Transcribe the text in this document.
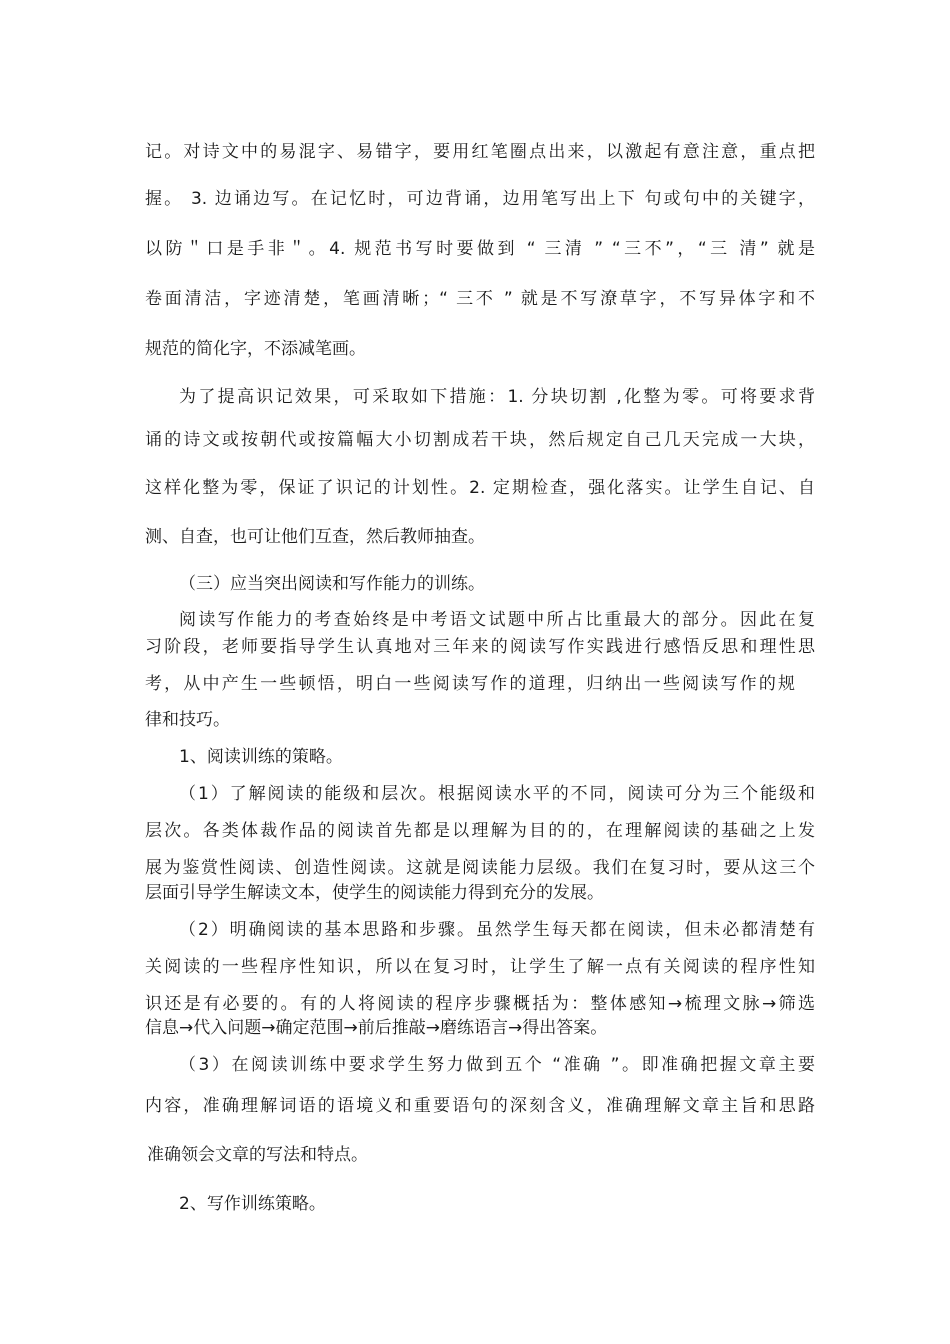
记。对诗文中的易混字、易错字，要用红笔圈点出来，以激起有意注意，重点把
握。 3. 边诵边写。在记忆时，可边背诵，边用笔写出上下 句或句中的关键字，
以防＂口是手非＂。4. 规范书写时要做到 “ 三清 ” “三不”，“三 清” 就是
卷面清洁，字迹清楚，笔画清晰；“ 三不 ” 就是不写潦草字，不写异体字和不
规范的简化字，不添减笔画。
为了提高识记效果，可采取如下措施：1. 分块切割 ,化整为零。可将要求背
诵的诗文或按朝代或按篇幅大小切割成若干块，然后规定自己几天完成一大块，
这样化整为零，保证了识记的计划性。2. 定期检查，强化落实。让学生自记、自
测、自查，也可让他们互查，然后教师抽查。
（三）应当突出阅读和写作能力的训练。
阅读写作能力的考查始终是中考语文试题中所占比重最大的部分。因此在复
习阶段，老师要指导学生认真地对三年来的阅读写作实践进行感悟反思和理性思
考，从中产生一些顿悟，明白一些阅读写作的道理，归纳出一些阅读写作的规
律和技巧。
1、阅读训练的策略。
（1）了解阅读的能级和层次。根据阅读水平的不同，阅读可分为三个能级和
层次。各类体裁作品的阅读首先都是以理解为目的的，在理解阅读的基础之上发
展为鉴赏性阅读、创造性阅读。这就是阅读能力层级。我们在复习时，要从这三个
层面引导学生解读文本，使学生的阅读能力得到充分的发展。
（2）明确阅读的基本思路和步骤。虽然学生每天都在阅读，但未必都清楚有
关阅读的一些程序性知识，所以在复习时，让学生了解一点有关阅读的程序性知
识还是有必要的。有的人将阅读的程序步骤概括为：整体感知→梳理文脉→筛选
信息→代入问题→确定范围→前后推敲→磨练语言→得出答案。
（3）在阅读训练中要求学生努力做到五个 “准确 ”。即准确把握文章主要
内容，准确理解词语的语境义和重要语句的深刻含义，准确理解文章主旨和思路
准确领会文章的写法和特点。
2、写作训练策略。
